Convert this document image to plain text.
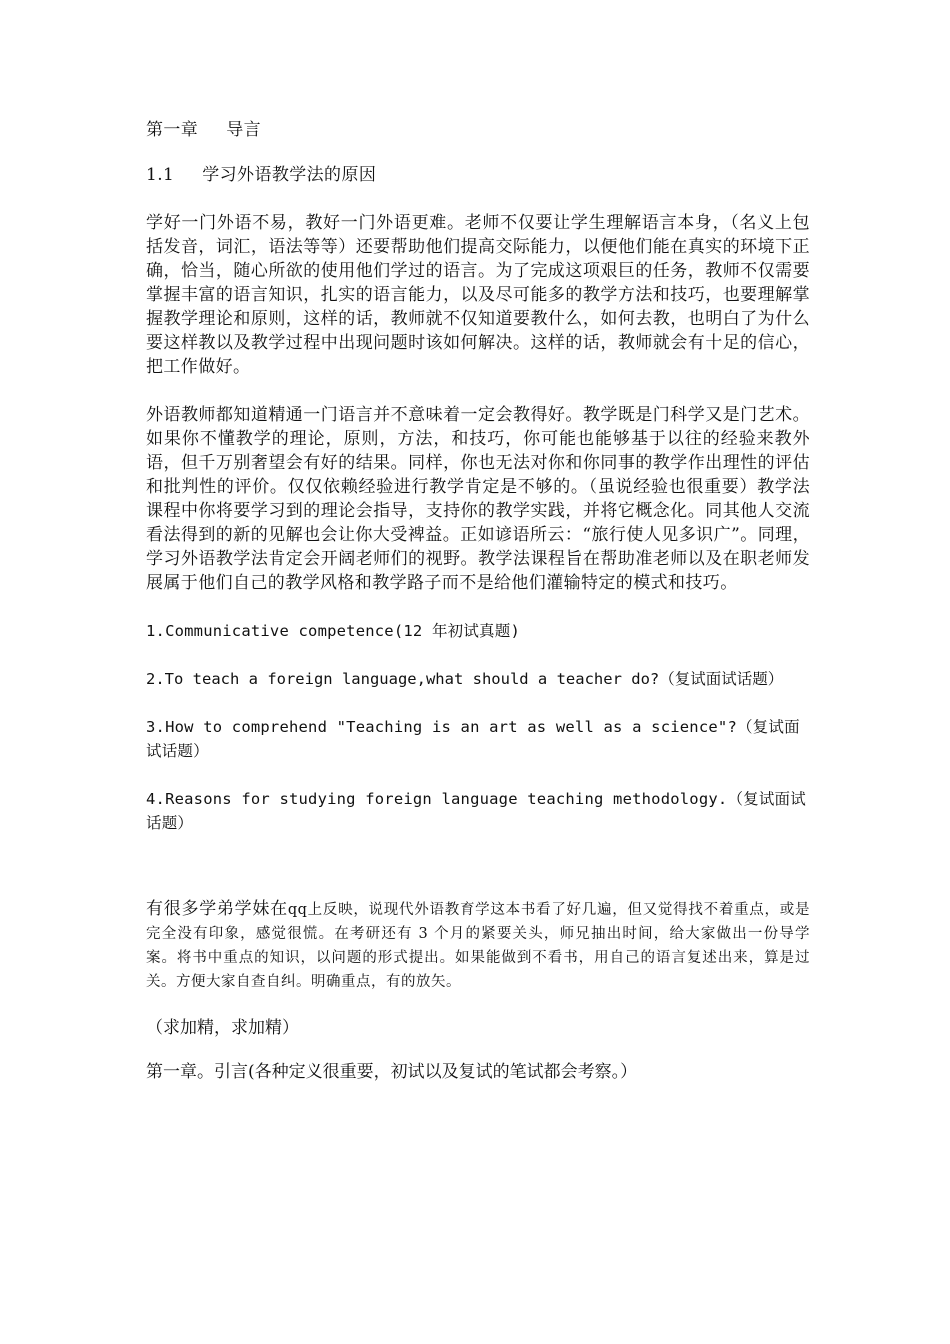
第一章 导言

1.1 学习外语教学法的原因

学好一门外语不易，教好一门外语更难。老师不仅要让学生理解语言本身，（名义上包括发音，词汇，语法等等）还要帮助他们提高交际能力，以便他们能在真实的环境下正确，恰当，随心所欲的使用他们学过的语言。为了完成这项艰巨的任务，教师不仅需要掌握丰富的语言知识，扎实的语言能力，以及尽可能多的教学方法和技巧，也要理解掌握教学理论和原则，这样的话，教师就不仅知道要教什么，如何去教，也明白了为什么要这样教以及教学过程中出现问题时该如何解决。这样的话，教师就会有十足的信心，把工作做好。

外语教师都知道精通一门语言并不意味着一定会教得好。教学既是门科学又是门艺术。如果你不懂教学的理论，原则，方法，和技巧，你可能也能够基于以往的经验来教外语，但千万别奢望会有好的结果。同样，你也无法对你和你同事的教学作出理性的评估和批判性的评价。仅仅依赖经验进行教学肯定是不够的。（虽说经验也很重要）教学法课程中你将要学习到的理论会指导，支持你的教学实践，并将它概念化。同其他人交流看法得到的新的见解也会让你大受裨益。正如谚语所云：“旅行使人见多识广”。同理，学习外语教学法肯定会开阔老师们的视野。教学法课程旨在帮助准老师以及在职老师发展属于他们自己的教学风格和教学路子而不是给他们灌输特定的模式和技巧。

1.Communicative competence(12 年初试真题)

2.To teach a foreign language,what should a teacher do?（复试面试话题）

3.How to comprehend "Teaching is an art as well as a science"?（复试面试话题）

4.Reasons for studying foreign language teaching methodology.（复试面试话题）

有很多学弟学妹在qq上反映，说现代外语教育学这本书看了好几遍，但又觉得找不着重点，或是完全没有印象，感觉很慌。在考研还有 3 个月的紧要关头，师兄抽出时间，给大家做出一份导学案。将书中重点的知识，以问题的形式提出。如果能做到不看书，用自己的语言复述出来，算是过关。方便大家自查自纠。明确重点，有的放矢。

（求加精，求加精）

第一章。引言(各种定义很重要，初试以及复试的笔试都会考察。）
